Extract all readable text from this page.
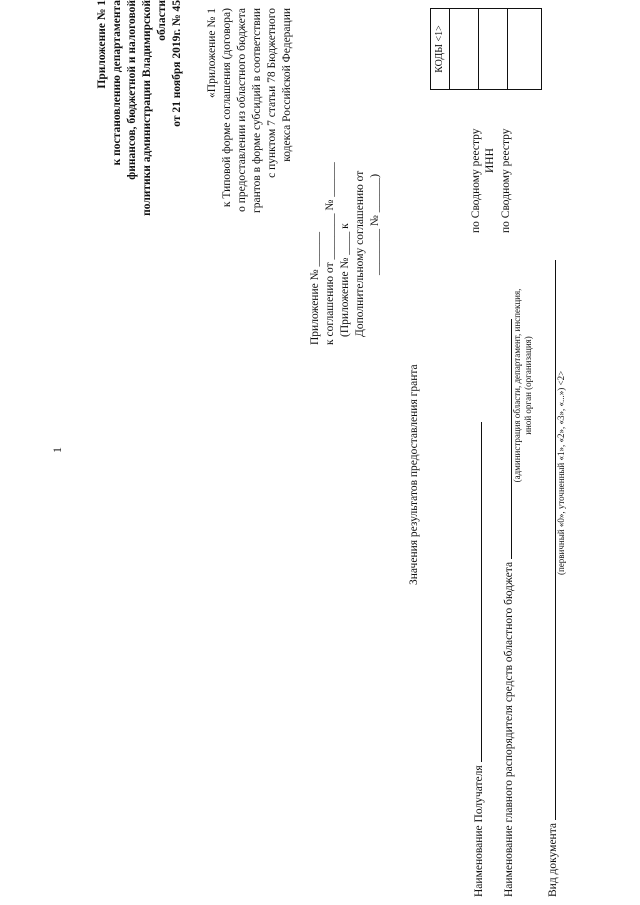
1
Приложение № 1 к постановлению департамента финансов, бюджетной и налоговой политики администрации Владимирской области от 21 ноября 2019г. № 45 «Приложение № 1 к Типовой форме соглашения (договора) о предоставлении из областного бюджета грантов в форме субсидий в соответствии с пунктом 7 статьи 78 Бюджетного кодекса Российской Федерации
Приложение № ______ к соглашению от ________ № ______ (Приложение № ____ к Дополнительному соглашению от ________ № ______)
Значения результатов предоставления гранта
Наименование Получателя Наименование главного распорядителя средств областного бюджета
(администрация области, департамент, инспекция, иной орган (организация)
Вид документа
(первичный «0», уточненный «1», «2», «3», «...») <2>
по Сводному реестру ИНН по Сводному реестру
КОДЫ <1>
